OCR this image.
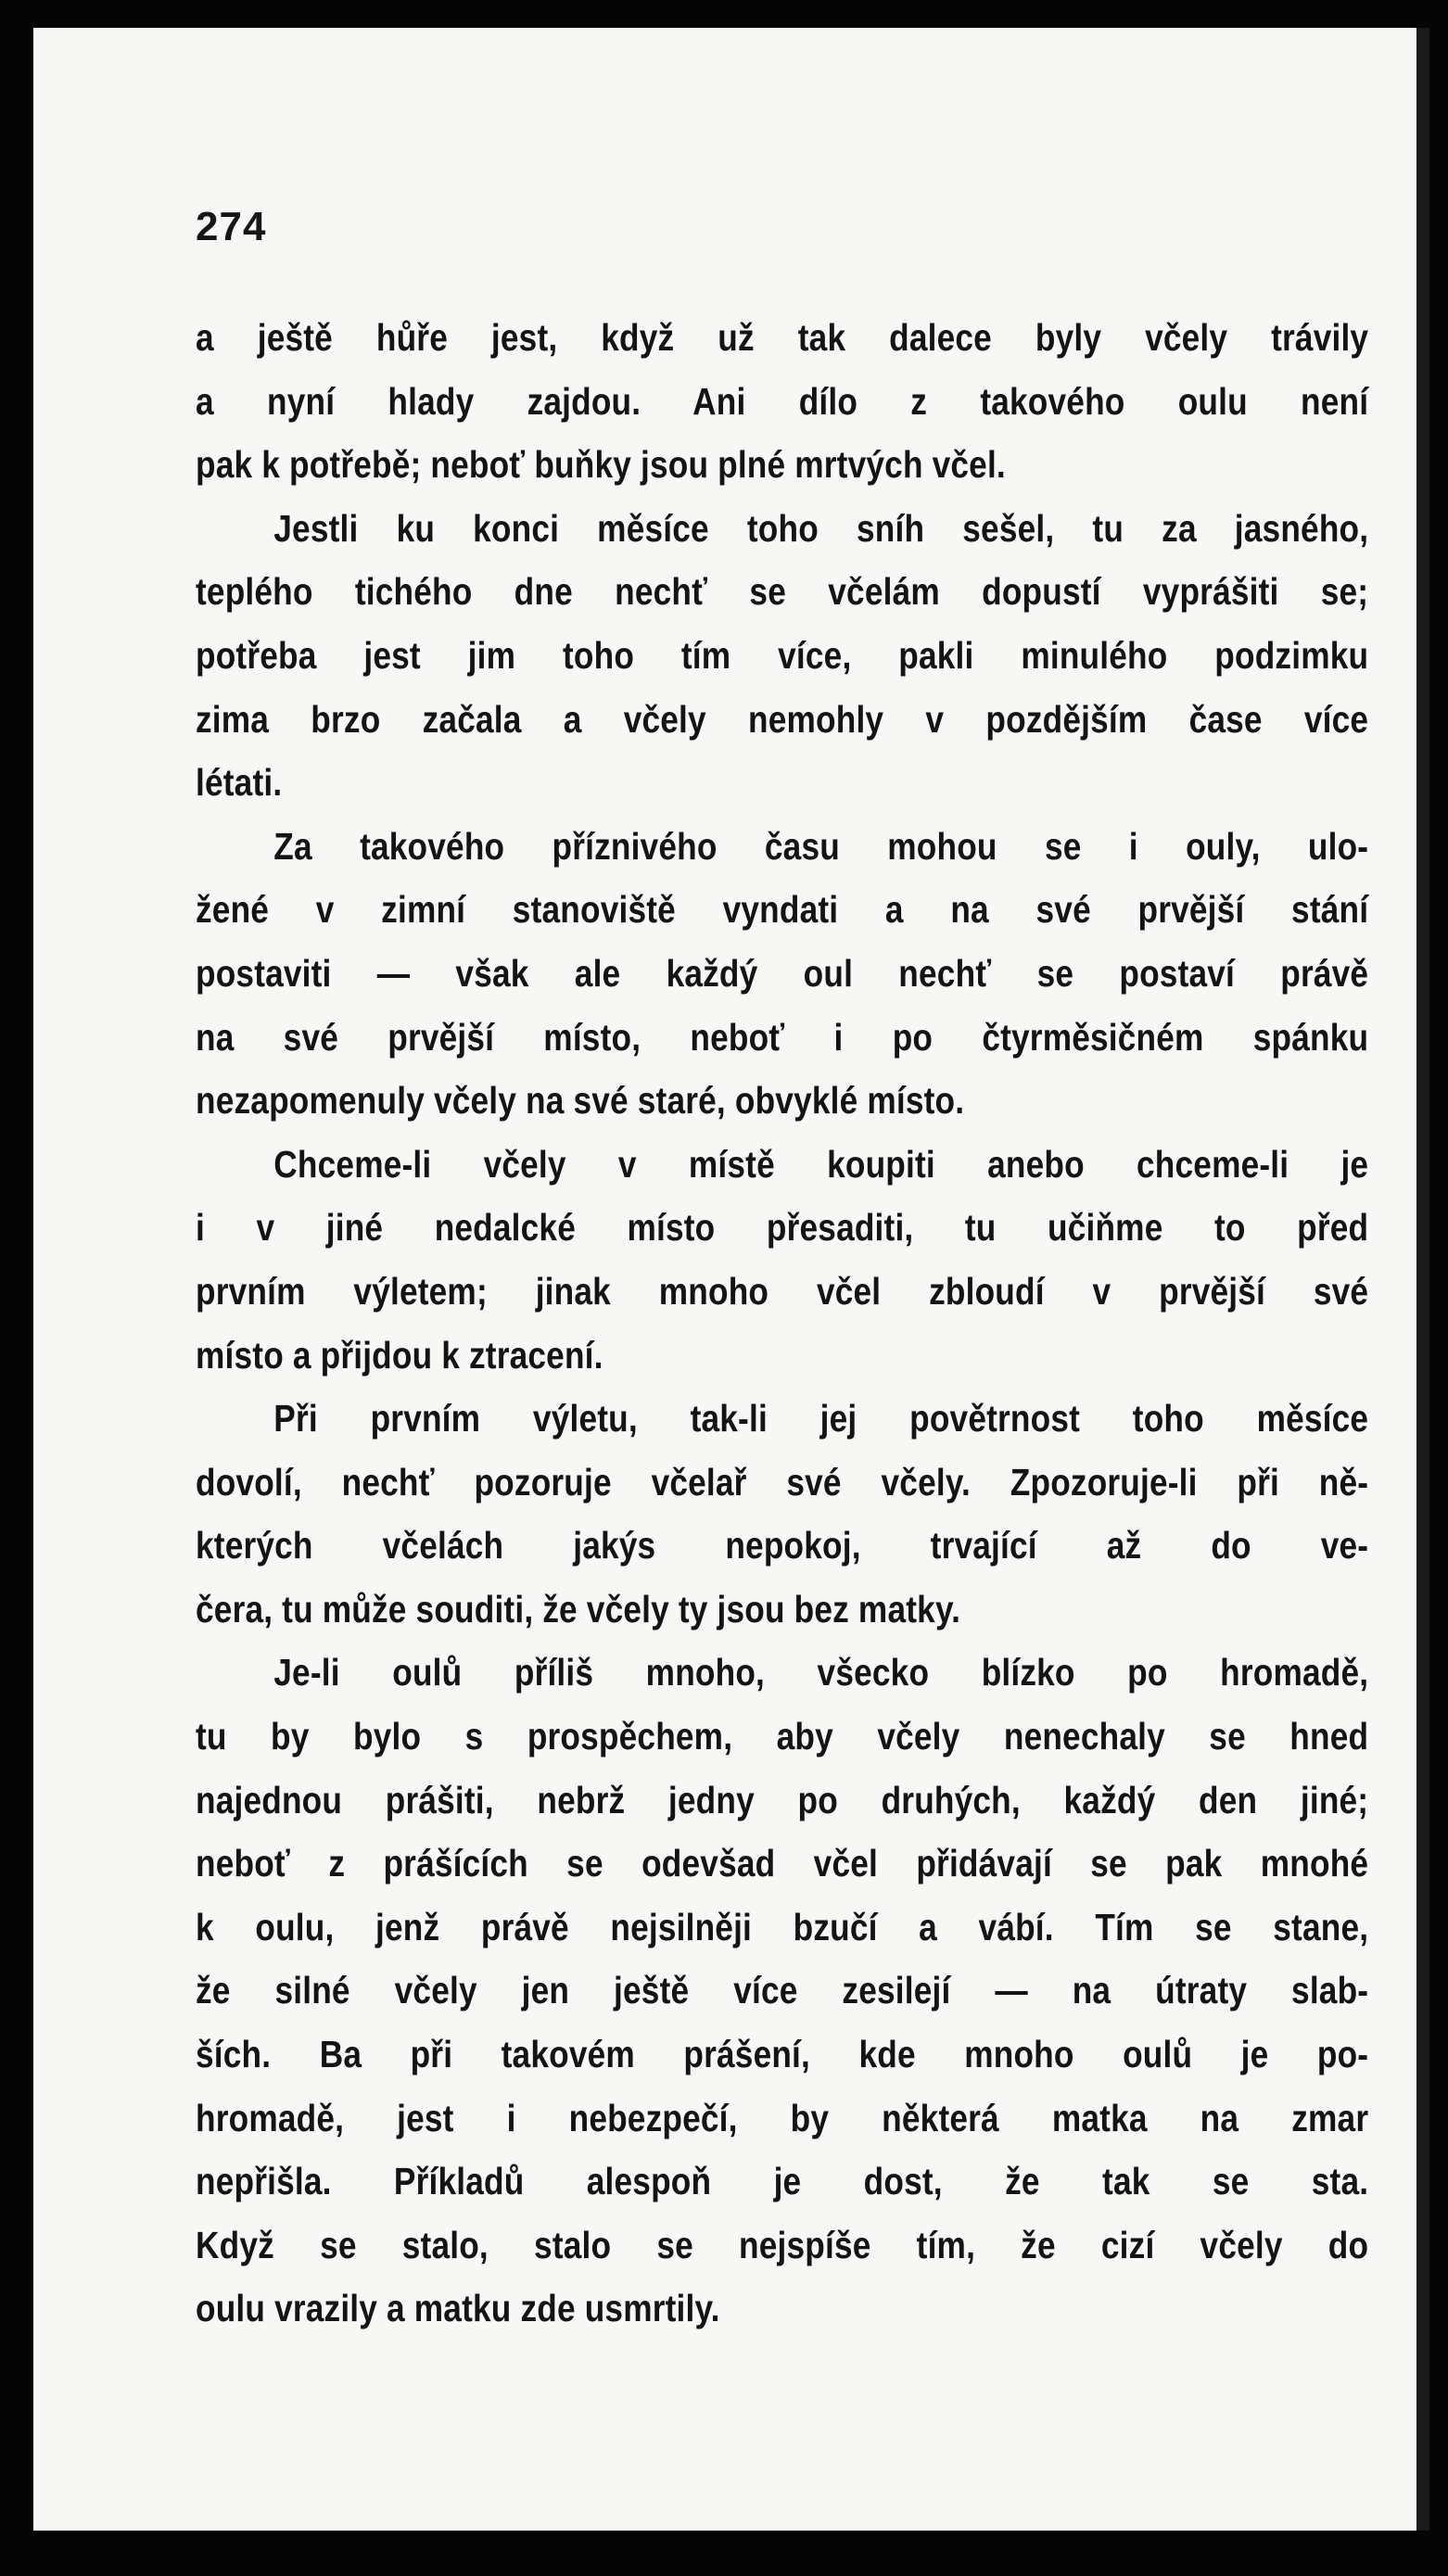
274
a ještě hůře jest, když už tak dalece byly včely trávily
a nyní hlady zajdou. Ani dílo z takového oulu není
pak k potřebě; neboť buňky jsou plné mrtvých včel.
Jestli ku konci měsíce toho sníh sešel, tu za jasného,
teplého tichého dne nechť se včelám dopustí vyprášiti se;
potřeba jest jim toho tím více, pakli minulého podzimku
zima brzo začala a včely nemohly v pozdějším čase více
létati.
Za takového příznivého času mohou se i ouly, ulo-
žené v zimní stanoviště vyndati a na své prvější stání
postaviti — však ale každý oul nechť se postaví právě
na své prvější místo, neboť i po čtyrměsičném spánku
nezapomenuly včely na své staré, obvyklé místo.
Chceme-li včely v místě koupiti anebo chceme-li je
i v jiné nedalcké místo přesaditi, tu učiňme to před
prvním výletem; jinak mnoho včel zbloudí v prvější své
místo a přijdou k ztracení.
Při prvním výletu, tak-li jej povětrnost toho měsíce
dovolí, nechť pozoruje včelař své včely. Zpozoruje-li při ně-
kterých včelách jakýs nepokoj, trvající až do ve-
čera, tu může souditi, že včely ty jsou bez matky.
Je-li oulů příliš mnoho, všecko blízko po hromadě,
tu by bylo s prospěchem, aby včely nenechaly se hned
najednou prášiti, nebrž jedny po druhých, každý den jiné;
neboť z prášících se odevšad včel přidávají se pak mnohé
k oulu, jenž právě nejsilněji bzučí a vábí. Tím se stane,
že silné včely jen ještě více zesilejí — na útraty slab-
ších. Ba při takovém prášení, kde mnoho oulů je po-
hromadě, jest i nebezpečí, by některá matka na zmar
nepřišla. Příkladů alespoň je dost, že tak se sta.
Když se stalo, stalo se nejspíše tím, že cizí včely do
oulu vrazily a matku zde usmrtily.
